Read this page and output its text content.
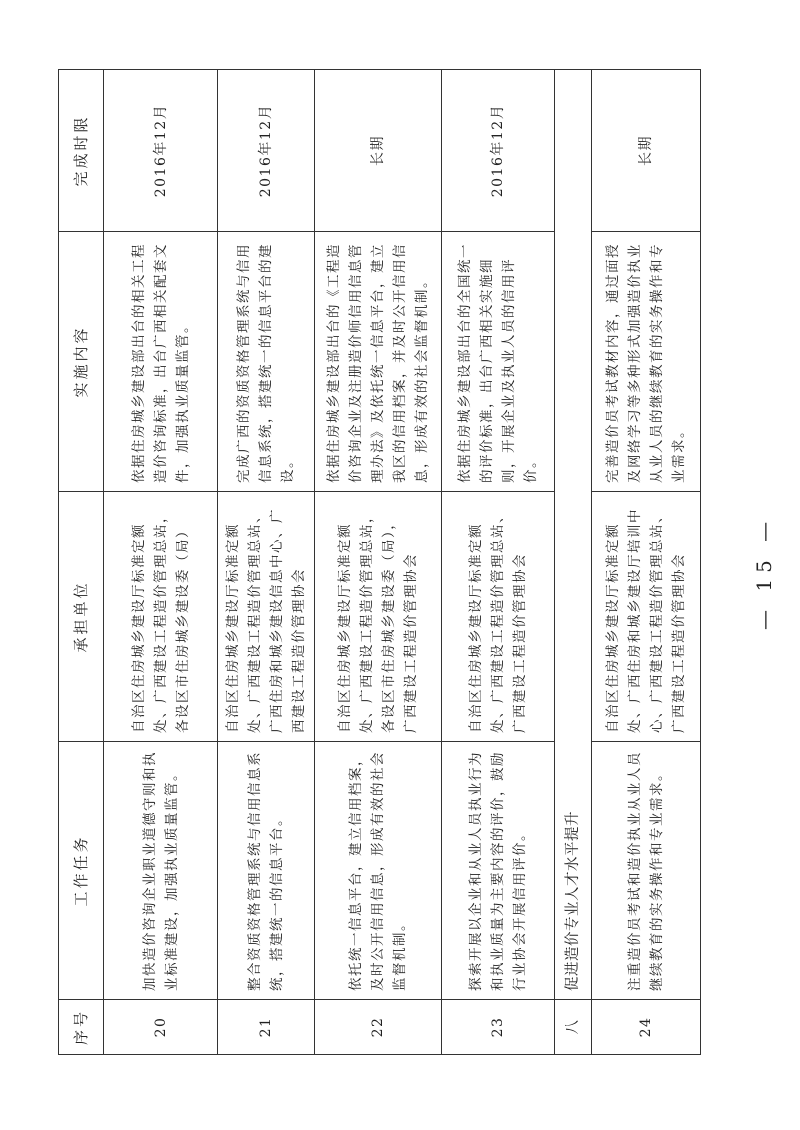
序号	工作任务	承担单位	实施内容	完成时限
20	加快造价咨询企业职业道德守则和执业标准建设，加强执业质量监管。	自治区住房城乡建设厅标准定额处、广西建设工程造价管理总站，各设区市住房城乡建设委（局）	依据住房城乡建设部出台的相关工程造价咨询标准，出台广西相关配套文件，加强执业质量监管。	2016年12月
21	整合资质资格管理系统与信用信息系统，搭建统一的信息平台。	自治区住房城乡建设厅标准定额处、广西建设工程造价管理总站、广西住房和城乡建设信息中心、广西建设工程造价管理协会	完成广西的资质资格管理系统与信用信息系统，搭建统一的信息平台的建设。	2016年12月
22	依托统一信息平台，建立信用档案，及时公开信用信息，形成有效的社会监督机制。	自治区住房城乡建设厅标准定额处、广西建设工程造价管理总站，各设区市住房城乡建设委（局），广西建设工程造价管理协会	依据住房城乡建设部出台的《工程造价咨询企业及注册造价师信用信息管理办法》及依托统一信息平台，建立我区的信用档案，并及时公开信用信息，形成有效的社会监督机制。	长期
23	探索开展以企业和从业人员执业行为和执业质量为主要内容的评价，鼓励行业协会开展信用评价。	自治区住房城乡建设厅标准定额处、广西建设工程造价管理总站、广西建设工程造价管理协会	依据住房城乡建设部出台的全国统一的评价标准，出台广西相关实施细则，开展企业及执业人员的信用评价。	2016年12月
八	促进造价专业人才水平提升			
24	注重造价员考试和造价执业从业人员继续教育的实务操作和专业需求。	自治区住房城乡建设厅标准定额处、广西住房和城乡建设厅培训中心、广西建设工程造价管理总站、广西建设工程造价管理协会	完善造价员考试教材内容，通过面授及网络学习等多种形式加强造价执业从业人员的继续教育的实务操作和专业需求。	长期
— 15 —
